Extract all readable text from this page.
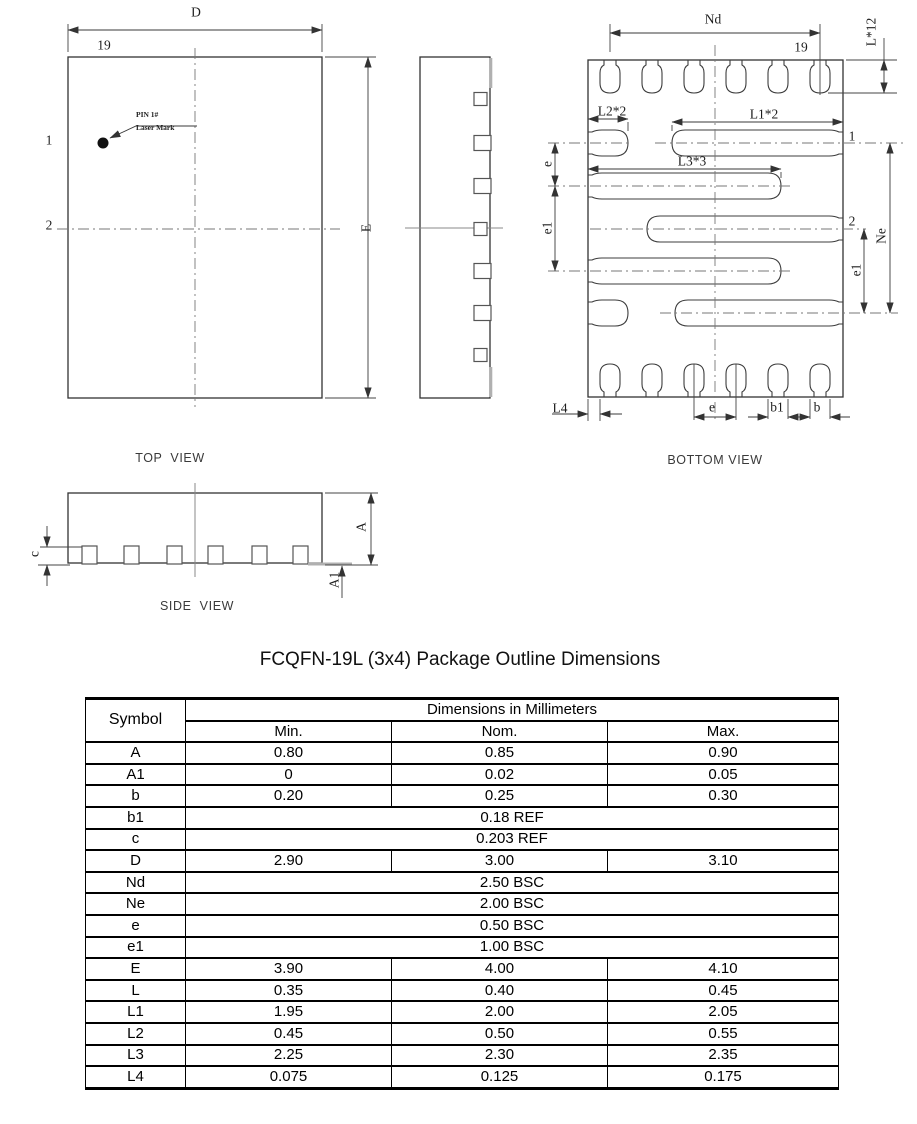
D
19
1
2	E
PIN 1#
Laser Mark
TOP  VIEW
Nd
19
L*12
L2*2	L1*2
L3*3
e
e1
1
2
e1
Ne
L4	e	b1 b
BOTTOM VIEW
c
A
A1
SIDE  VIEW
FCQFN-19L (3x4) Package Outline Dimensions
Symbol	Dimensions in Millimeters		
	Min.	Nom.	Max.
A	0.80	0.85	0.90
A1	0	0.02	0.05
b	0.20	0.25	0.30
b1	0.18 REF		
c	0.203 REF		
D	2.90	3.00	3.10
Nd	2.50 BSC		
Ne	2.00 BSC		
e	0.50 BSC		
e1	1.00 BSC		
E	3.90	4.00	4.10
L	0.35	0.40	0.45
L1	1.95	2.00	2.05
L2	0.45	0.50	0.55
L3	2.25	2.30	2.35
L4	0.075	0.125	0.175
